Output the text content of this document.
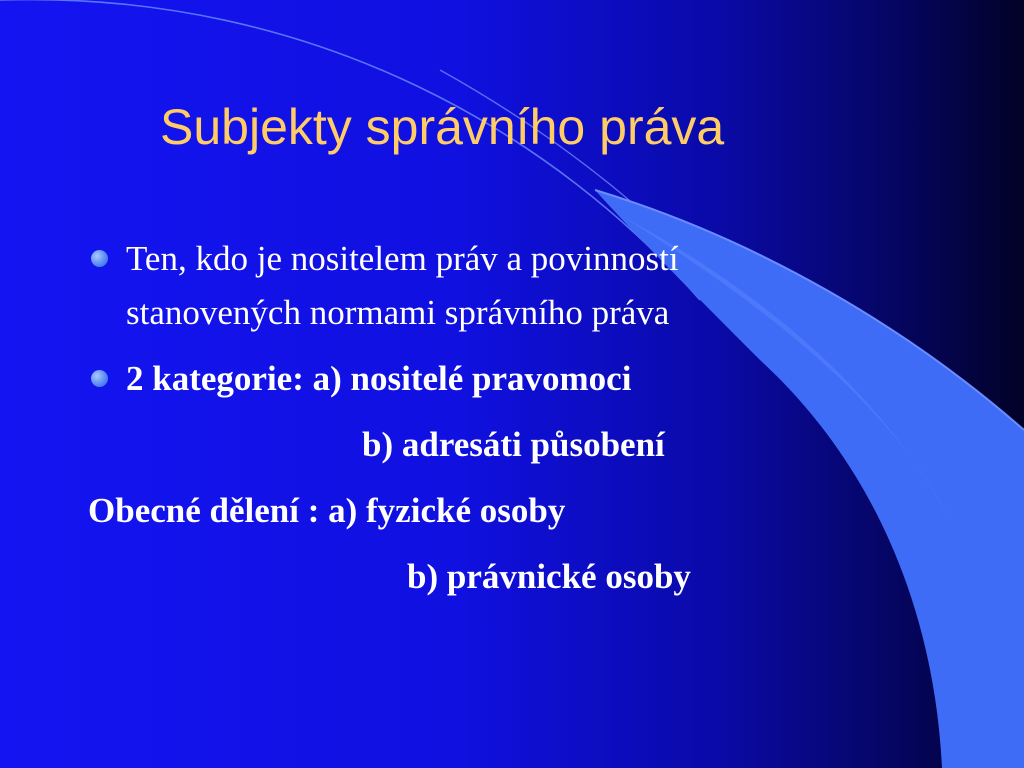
Subjekty správního práva
Ten, kdo je nositelem práv a povinností
stanovených normami správního práva
2 kategorie: a) nositelé pravomoci
b) adresáti působení
Obecné dělení : a) fyzické osoby
b) právnické osoby
